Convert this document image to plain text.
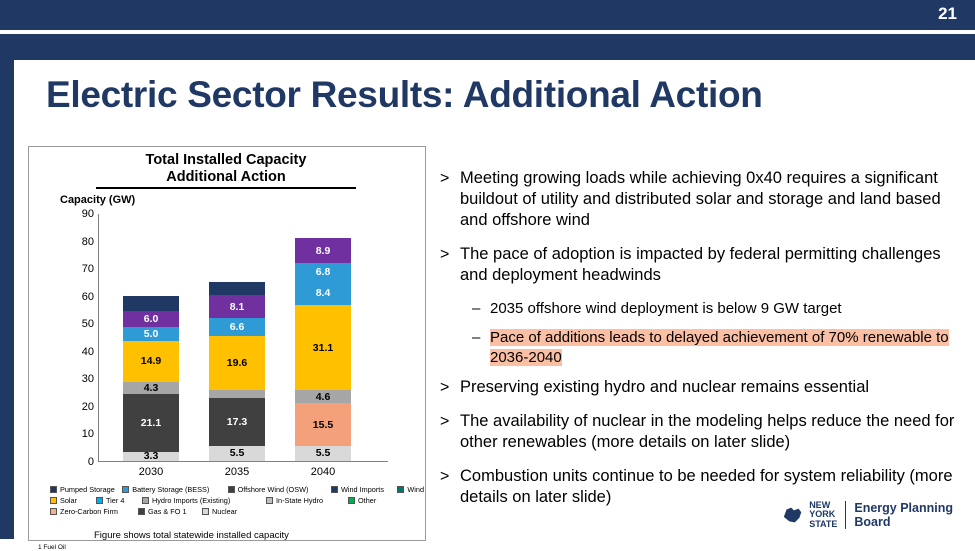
21
Electric Sector Results: Additional Action
Total Installed Capacity
Additional Action
Capacity (GW)
0
10
20
30
40
50
60
70
80
90
3.3
21.1
4.3
14.9
5.0
6.0
2030
5.5
17.3
19.6
6.6
8.1
2035
5.5
15.5
4.6
31.1
8.4
6.8
8.9
2040
Pumped Storage Battery Storage (BESS)	Offshore Wind (OSW)	Wind Imports	Wind
Solar	Tier 4	Hydro Imports (Existing)	In-State Hydro	Other
Zero-Carbon Firm	Gas & FO 1	Nuclear
Figure shows total statewide installed capacity
1 Fuel Oil
> Meeting growing loads while achieving 0x40 requires a significant buildout of utility and distributed solar and storage and land based and offshore wind
> The pace of adoption is impacted by federal permitting challenges and deployment headwinds
– 2035 offshore wind deployment is below 9 GW target
– Pace of additions leads to delayed achievement of 70% renewable to 2036-2040
> Preserving existing hydro and nuclear remains essential
> The availability of nuclear in the modeling helps reduce the need for other renewables (more details on later slide)
> Combustion units continue to be needed for system reliability (more details on later slide)	NEW
YORK
STATE
Energy Planning
Board
